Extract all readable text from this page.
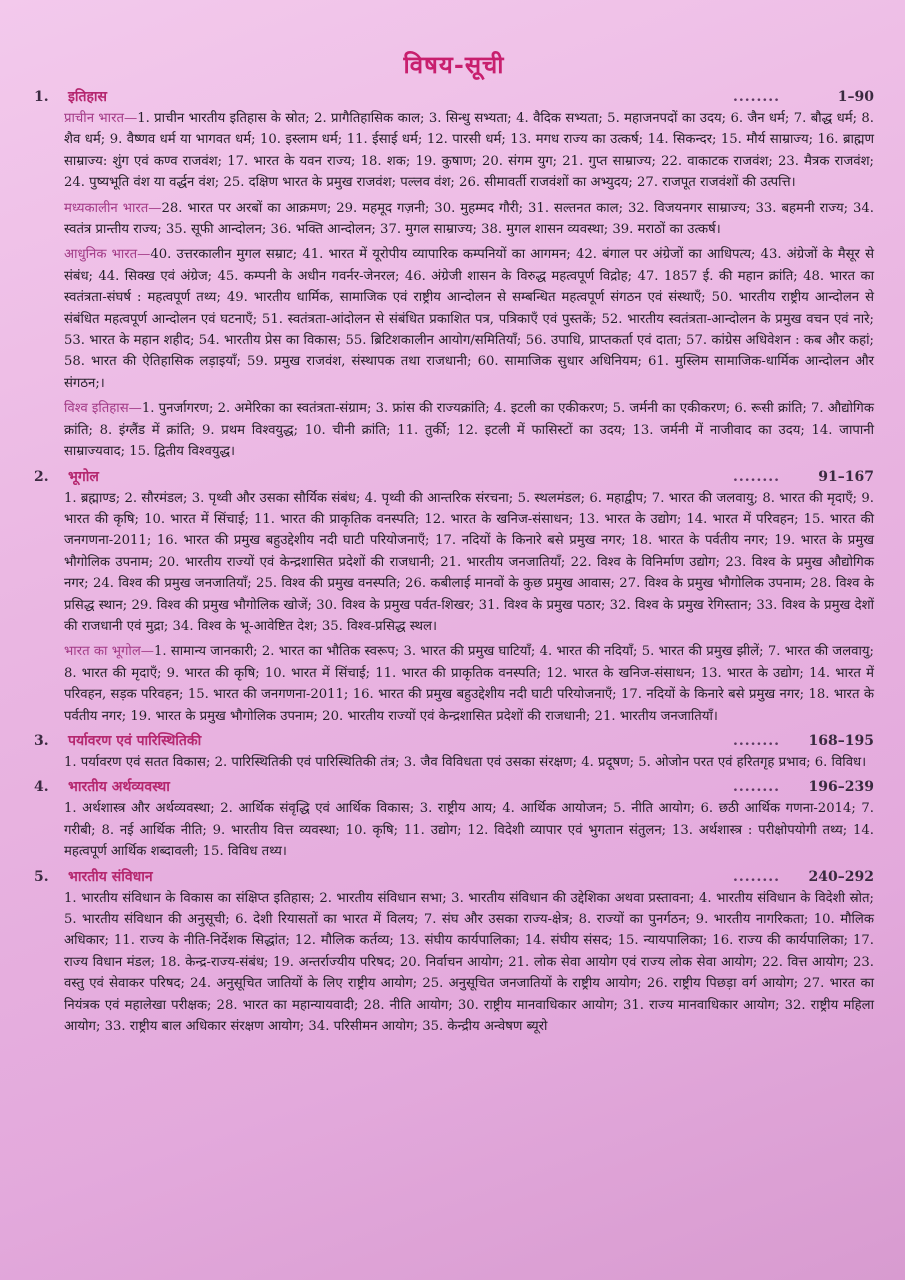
विषय-सूची
1.	इतिहास	........	1–90
प्राचीन भारत—1. प्राचीन भारतीय इतिहास के स्रोत; 2. प्रागैतिहासिक काल; 3. सिन्धु सभ्यता; 4. वैदिक सभ्यता; 5. महाजनपदों का उदय; 6. जैन धर्म; 7. बौद्ध धर्म; 8. शैव धर्म; 9. वैष्णव धर्म या भागवत धर्म; 10. इस्लाम धर्म; 11. ईसाई धर्म; 12. पारसी धर्म; 13. मगध राज्य का उत्कर्ष; 14. सिकन्दर; 15. मौर्य साम्राज्य; 16. ब्राह्मण साम्राज्य: शुंग एवं कण्व राजवंश; 17. भारत के यवन राज्य; 18. शक; 19. कुषाण; 20. संगम युग; 21. गुप्त साम्राज्य; 22. वाकाटक राजवंश; 23. मैत्रक राजवंश; 24. पुष्यभूति वंश या वर्द्धन वंश; 25. दक्षिण भारत के प्रमुख राजवंश; पल्लव वंश; 26. सीमावर्ती राजवंशों का अभ्युदय; 27. राजपूत राजवंशों की उत्पत्ति।
मध्यकालीन भारत—28. भारत पर अरबों का आक्रमण; 29. महमूद गज़नी; 30. मुहम्मद गौरी; 31. सल्तनत काल; 32. विजयनगर साम्राज्य; 33. बहमनी राज्य; 34. स्वतंत्र प्रान्तीय राज्य; 35. सूफी आन्दोलन; 36. भक्ति आन्दोलन; 37. मुगल साम्राज्य; 38. मुगल शासन व्यवस्था; 39. मराठों का उत्कर्ष।
आधुनिक भारत—40. उत्तरकालीन मुगल सम्राट; 41. भारत में यूरोपीय व्यापारिक कम्पनियों का आगमन; 42. बंगाल पर अंग्रेजों का आधिपत्य; 43. अंग्रेजों के मैसूर से संबंध; 44. सिक्ख एवं अंग्रेज; 45. कम्पनी के अधीन गवर्नर-जेनरल; 46. अंग्रेजी शासन के विरुद्ध महत्वपूर्ण विद्रोह; 47. 1857 ई. की महान क्रांति; 48. भारत का स्वतंत्रता-संघर्ष : महत्वपूर्ण तथ्य; 49. भारतीय धार्मिक, सामाजिक एवं राष्ट्रीय आन्दोलन से सम्बन्धित महत्वपूर्ण संगठन एवं संस्थाएँ; 50. भारतीय राष्ट्रीय आन्दोलन से संबंधित महत्वपूर्ण आन्दोलन एवं घटनाएँ; 51. स्वतंत्रता-आंदोलन से संबंधित प्रकाशित पत्र, पत्रिकाएँ एवं पुस्तकें; 52. भारतीय स्वतंत्रता-आन्दोलन के प्रमुख वचन एवं नारे; 53. भारत के महान शहीद; 54. भारतीय प्रेस का विकास; 55. ब्रिटिशकालीन आयोग/समितियाँ; 56. उपाधि, प्राप्तकर्ता एवं दाता; 57. कांग्रेस अधिवेशन : कब और कहां; 58. भारत की ऐतिहासिक लड़ाइयाँ; 59. प्रमुख राजवंश, संस्थापक तथा राजधानी; 60. सामाजिक सुधार अधिनियम; 61. मुस्लिम सामाजिक-धार्मिक आन्दोलन और संगठन;।
विश्व इतिहास—1. पुनर्जागरण; 2. अमेरिका का स्वतंत्रता-संग्राम; 3. फ्रांस की राज्यक्रांति; 4. इटली का एकीकरण; 5. जर्मनी का एकीकरण; 6. रूसी क्रांति; 7. औद्योगिक क्रांति; 8. इंग्लैंड में क्रांति; 9. प्रथम विश्वयुद्ध; 10. चीनी क्रांति; 11. तुर्की; 12. इटली में फासिस्टों का उदय; 13. जर्मनी में नाजीवाद का उदय; 14. जापानी साम्राज्यवाद; 15. द्वितीय विश्वयुद्ध।
2.	भूगोल	........	91–167
1. ब्रह्माण्ड; 2. सौरमंडल; 3. पृथ्वी और उसका सौर्यिक संबंध; 4. पृथ्वी की आन्तरिक संरचना; 5. स्थलमंडल; 6. महाद्वीप; 7. भारत की जलवायु; 8. भारत की मृदाएँ; 9. भारत की कृषि; 10. भारत में सिंचाई; 11. भारत की प्राकृतिक वनस्पति; 12. भारत के खनिज-संसाधन; 13. भारत के उद्योग; 14. भारत में परिवहन; 15. भारत की जनगणना-2011; 16. भारत की प्रमुख बहुउद्देशीय नदी घाटी परियोजनाएँ; 17. नदियों के किनारे बसे प्रमुख नगर; 18. भारत के पर्वतीय नगर; 19. भारत के प्रमुख भौगोलिक उपनाम; 20. भारतीय राज्यों एवं केन्द्रशासित प्रदेशों की राजधानी; 21. भारतीय जनजातियाँ; 22. विश्व के विनिर्माण उद्योग; 23. विश्व के प्रमुख औद्योगिक नगर; 24. विश्व की प्रमुख जनजातियाँ; 25. विश्व की प्रमुख वनस्पति; 26. कबीलाई मानवों के कुछ प्रमुख आवास; 27. विश्व के प्रमुख भौगोलिक उपनाम; 28. विश्व के प्रसिद्ध स्थान; 29. विश्व की प्रमुख भौगोलिक खोजें; 30. विश्व के प्रमुख पर्वत-शिखर; 31. विश्व के प्रमुख पठार; 32. विश्व के प्रमुख रेगिस्तान; 33. विश्व के प्रमुख देशों की राजधानी एवं मुद्रा; 34. विश्व के भू-आवेष्टित देश; 35. विश्व-प्रसिद्ध स्थल।
भारत का भूगोल—1. सामान्य जानकारी; 2. भारत का भौतिक स्वरूप; 3. भारत की प्रमुख घाटियाँ; 4. भारत की नदियाँ; 5. भारत की प्रमुख झीलें; 7. भारत की जलवायु; 8. भारत की मृदाएँ; 9. भारत की कृषि; 10. भारत में सिंचाई; 11. भारत की प्राकृतिक वनस्पति; 12. भारत के खनिज-संसाधन; 13. भारत के उद्योग; 14. भारत में परिवहन, सड़क परिवहन; 15. भारत की जनगणना-2011; 16. भारत की प्रमुख बहुउद्देशीय नदी घाटी परियोजनाएँ; 17. नदियों के किनारे बसे प्रमुख नगर; 18. भारत के पर्वतीय नगर; 19. भारत के प्रमुख भौगोलिक उपनाम; 20. भारतीय राज्यों एवं केन्द्रशासित प्रदेशों की राजधानी; 21. भारतीय जनजातियाँ।
3.	पर्यावरण एवं पारिस्थितिकी	........	168–195
1. पर्यावरण एवं सतत विकास; 2. पारिस्थितिकी एवं पारिस्थितिकी तंत्र; 3. जैव विविधता एवं उसका संरक्षण; 4. प्रदूषण; 5. ओजोन परत एवं हरितगृह प्रभाव; 6. विविध।
4.	भारतीय अर्थव्यवस्था	........	196–239
1. अर्थशास्त्र और अर्थव्यवस्था; 2. आर्थिक संवृद्धि एवं आर्थिक विकास; 3. राष्ट्रीय आय; 4. आर्थिक आयोजन; 5. नीति आयोग; 6. छठी आर्थिक गणना-2014; 7. गरीबी; 8. नई आर्थिक नीति; 9. भारतीय वित्त व्यवस्था; 10. कृषि; 11. उद्योग; 12. विदेशी व्यापार एवं भुगतान संतुलन; 13. अर्थशास्त्र : परीक्षोपयोगी तथ्य; 14. महत्वपूर्ण आर्थिक शब्दावली; 15. विविध तथ्य।
5.	भारतीय संविधान	........	240–292
1. भारतीय संविधान के विकास का संक्षिप्त इतिहास; 2. भारतीय संविधान सभा; 3. भारतीय संविधान की उद्देशिका अथवा प्रस्तावना; 4. भारतीय संविधान के विदेशी स्रोत; 5. भारतीय संविधान की अनुसूची; 6. देशी रियासतों का भारत में विलय; 7. संघ और उसका राज्य-क्षेत्र; 8. राज्यों का पुनर्गठन; 9. भारतीय नागरिकता; 10. मौलिक अधिकार; 11. राज्य के नीति-निर्देशक सिद्धांत; 12. मौलिक कर्तव्य; 13. संघीय कार्यपालिका; 14. संघीय संसद; 15. न्यायपालिका; 16. राज्य की कार्यपालिका; 17. राज्य विधान मंडल; 18. केन्द्र-राज्य-संबंध; 19. अन्तर्राज्यीय परिषद; 20. निर्वाचन आयोग; 21. लोक सेवा आयोग एवं राज्य लोक सेवा आयोग; 22. वित्त आयोग; 23. वस्तु एवं सेवाकर परिषद; 24. अनुसूचित जातियों के लिए राष्ट्रीय आयोग; 25. अनुसूचित जनजातियों के राष्ट्रीय आयोग; 26. राष्ट्रीय पिछड़ा वर्ग आयोग; 27. भारत का नियंत्रक एवं महालेखा परीक्षक; 28. भारत का महान्यायवादी; 28. नीति आयोग; 30. राष्ट्रीय मानवाधिकार आयोग; 31. राज्य मानवाधिकार आयोग; 32. राष्ट्रीय महिला आयोग; 33. राष्ट्रीय बाल अधिकार संरक्षण आयोग; 34. परिसीमन आयोग; 35. केन्द्रीय अन्वेषण ब्यूरो
